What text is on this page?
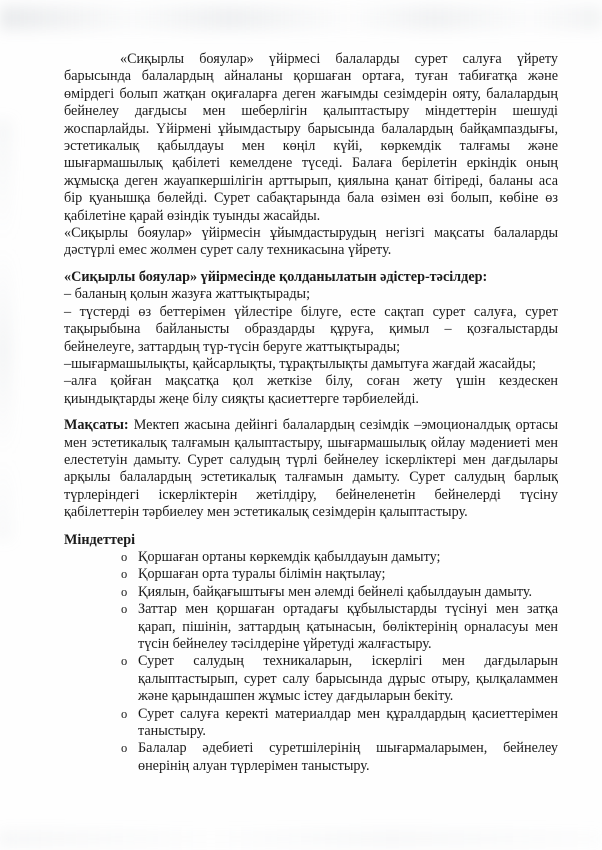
«Сиқырлы бояулар» үйірмесі балаларды сурет салуға үйрету барысында балалардың айналаны қоршаған ортаға, туған табиғатқа және өмірдегі болып жатқан оқиғаларға деген жағымды сезімдерін ояту, балалардың бейнелеу дағдысы мен шеберлігін қалыптастыру міндеттерін шешуді жоспарлайды. Үйірмені ұйымдастыру барысында балалардың байқампаздығы, эстетикалық қабылдауы мен көңіл күйі, көркемдік талғамы және шығармашылық қабілеті кемелдене түседі. Балаға берілетін еркіндік оның жұмысқа деген жауапкершілігін арттырып, қиялына қанат бітіреді, баланы аса бір қуанышқа бөлейді. Сурет сабақтарында бала өзімен өзі болып, көбіне өз қабілетіне қарай өзіндік туынды жасайды.

«Сиқырлы бояулар» үйірмесін ұйымдастырудың негізгі мақсаты балаларды дәстүрлі емес жолмен сурет салу техникасына үйрету.

«Сиқырлы бояулар» үйірмесінде қолданылатын әдістер-тәсілдер:

– баланың қолын жазуға жаттықтырады;

– түстерді өз беттерімен үйлестіре білуге, есте сақтап сурет салуға, сурет тақырыбына байланысты образдарды құруға, қимыл – қозғалыстарды бейнелеуге, заттардың түр-түсін беруге жаттықтырады;

–шығармашылықты, қайсарлықты, тұрақтылықты дамытуға жағдай жасайды;

–алға қойған мақсатқа қол жеткізе білу, соған жету үшін кездескен қиындықтарды жеңе білу сияқты қасиеттерге тәрбиелейді.

Мақсаты: Мектеп жасына дейінгі балалардың сезімдік –эмоционалдық ортасы мен эстетикалық талғамын қалыптастыру, шығармашылық ойлау мәдениеті мен елестетуін дамыту. Сурет салудың түрлі бейнелеу іскерліктері мен дағдылары арқылы балалардың эстетикалық талғамын дамыту. Сурет салудың барлық түрлеріндегі іскерліктерін жетілдіру, бейнеленетін бейнелерді түсіну қабілеттерін тәрбиелеу мен эстетикалық сезімдерін қалыптастыру.

Міндеттері
o Қоршаған ортаны көркемдік қабылдауын дамыту;
o Қоршаған орта туралы білімін нақтылау;
o Қиялын, байқағыштығы мен әлемді бейнелі қабылдауын дамыту.
o Заттар мен қоршаған ортадағы құбылыстарды түсінуі мен затқа қарап, пішінін, заттардың қатынасын, бөліктерінің орналасуы мен түсін бейнелеу тәсілдеріне үйретуді жалғастыру.
o Сурет салудың техникаларын, іскерлігі мен дағдыларын қалыптастырып, сурет салу барысында дұрыс отыру, қылқаламмен және қарындашпен жұмыс істеу дағдыларын бекіту.
o Сурет салуға керекті материалдар мен құралдардың қасиеттерімен таныстыру.
o Балалар әдебиеті суретшілерінің шығармаларымен, бейнелеу өнерінің алуан түрлерімен таныстыру.
